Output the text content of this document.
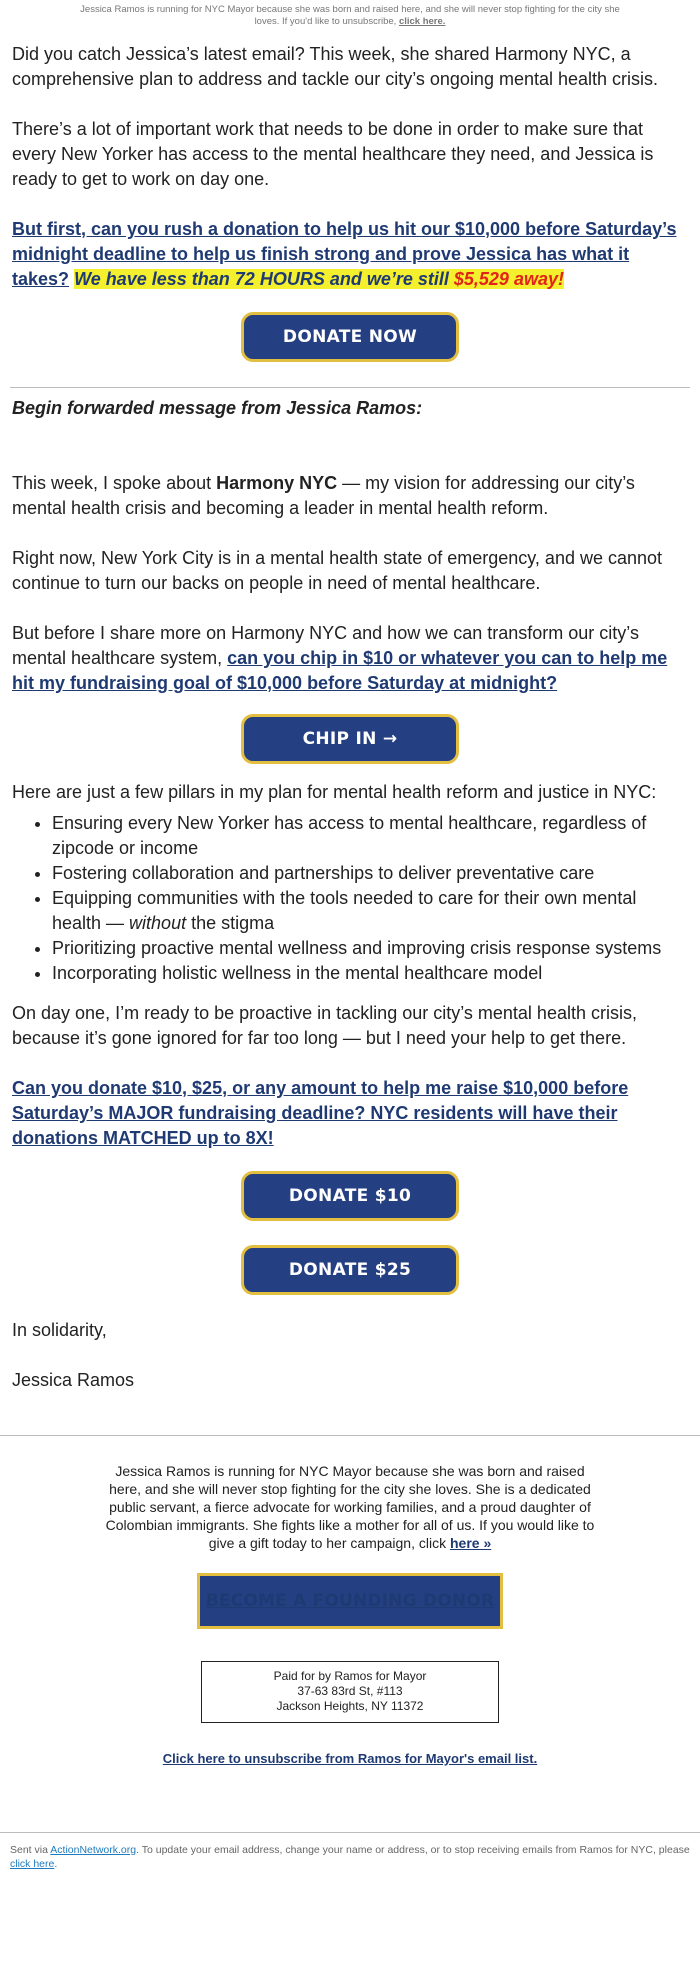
Jessica Ramos is running for NYC Mayor because she was born and raised here, and she will never stop fighting for the city she loves. If you'd like to unsubscribe, click here.

Did you catch Jessica’s latest email? This week, she shared Harmony NYC, a comprehensive plan to address and tackle our city’s ongoing mental health crisis.

There’s a lot of important work that needs to be done in order to make sure that every New Yorker has access to the mental healthcare they need, and Jessica is ready to get to work on day one.

But first, can you rush a donation to help us hit our $10,000 before Saturday’s midnight deadline to help us finish strong and prove Jessica has what it takes? We have less than 72 HOURS and we’re still $5,529 away!

DONATE NOW

Begin forwarded message from Jessica Ramos:

This week, I spoke about Harmony NYC — my vision for addressing our city’s mental health crisis and becoming a leader in mental health reform.

Right now, New York City is in a mental health state of emergency, and we cannot continue to turn our backs on people in need of mental healthcare.

But before I share more on Harmony NYC and how we can transform our city’s mental healthcare system, can you chip in $10 or whatever you can to help me hit my fundraising goal of $10,000 before Saturday at midnight?

CHIP IN →

Here are just a few pillars in my plan for mental health reform and justice in NYC:

• Ensuring every New Yorker has access to mental healthcare, regardless of zipcode or income
• Fostering collaboration and partnerships to deliver preventative care
• Equipping communities with the tools needed to care for their own mental health — without the stigma
• Prioritizing proactive mental wellness and improving crisis response systems
• Incorporating holistic wellness in the mental healthcare model

On day one, I’m ready to be proactive in tackling our city’s mental health crisis, because it’s gone ignored for far too long — but I need your help to get there.

Can you donate $10, $25, or any amount to help me raise $10,000 before Saturday’s MAJOR fundraising deadline? NYC residents will have their donations MATCHED up to 8X!

DONATE $10
DONATE $25

In solidarity,

Jessica Ramos

Jessica Ramos is running for NYC Mayor because she was born and raised here, and she will never stop fighting for the city she loves. She is a dedicated public servant, a fierce advocate for working families, and a proud daughter of Colombian immigrants. She fights like a mother for all of us. If you would like to give a gift today to her campaign, click here »

BECOME A FOUNDING DONOR
Paid for by Ramos for Mayor
37-63 83rd St, #113
Jackson Heights, NY 11372
Click here to unsubscribe from Ramos for Mayor's email list.
Sent via ActionNetwork.org. To update your email address, change your name or address, or to stop receiving emails from Ramos for NYC, please click here.
